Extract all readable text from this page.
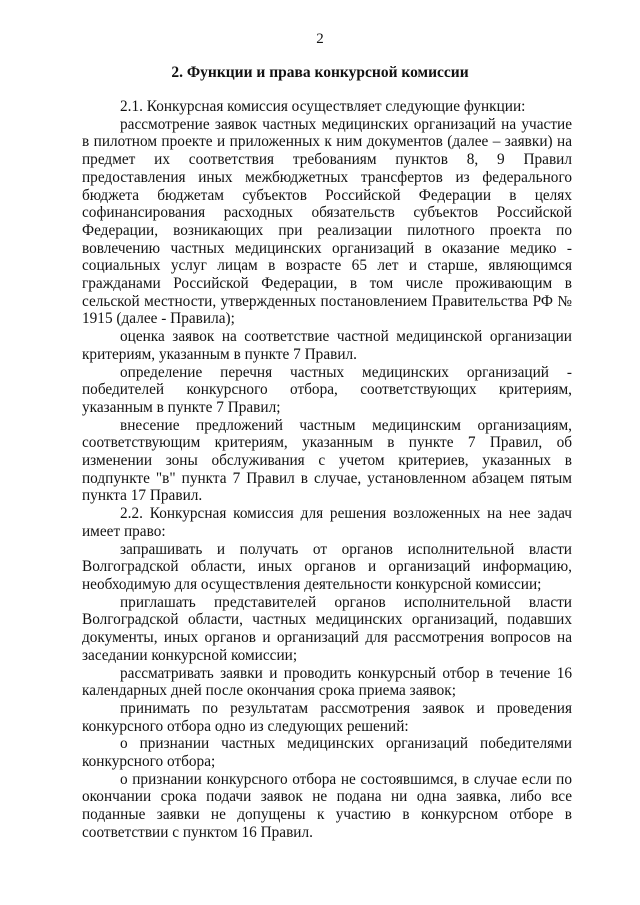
2
2. Функции и права конкурсной комиссии

2.1. Конкурсная комиссия осуществляет следующие функции:

рассмотрение заявок частных медицинских организаций на участие в пилотном проекте и приложенных к ним документов (далее – заявки) на предмет их соответствия требованиям пунктов 8, 9 Правил предоставления иных межбюджетных трансфертов из федерального бюджета бюджетам субъектов Российской Федерации в целях софинансирования расходных обязательств субъектов Российской Федерации, возникающих при реализации пилотного проекта по вовлечению частных медицинских организаций в оказание медико - социальных услуг лицам в возрасте 65 лет и старше, являющимся гражданами Российской Федерации, в том числе проживающим в сельской местности, утвержденных постановлением Правительства РФ № 1915 (далее - Правила);

оценка заявок на соответствие частной медицинской организации критериям, указанным в пункте 7 Правил.

определение перечня частных медицинских организаций - победителей конкурсного отбора, соответствующих критериям, указанным в пункте 7 Правил;

внесение предложений частным медицинским организациям, соответствующим критериям, указанным в пункте 7 Правил, об изменении зоны обслуживания с учетом критериев, указанных в подпункте "в" пункта 7 Правил в случае, установленном абзацем пятым пункта 17 Правил.

2.2. Конкурсная комиссия для решения возложенных на нее задач имеет право:

запрашивать и получать от органов исполнительной власти Волгоградской области, иных органов и организаций информацию, необходимую для осуществления деятельности конкурсной комиссии;

приглашать представителей органов исполнительной власти Волгоградской области, частных медицинских организаций, подавших документы, иных органов и организаций для рассмотрения вопросов на заседании конкурсной комиссии;

рассматривать заявки и проводить конкурсный отбор в течение 16 календарных дней после окончания срока приема заявок;

принимать по результатам рассмотрения заявок и проведения конкурсного отбора одно из следующих решений:

о признании частных медицинских организаций победителями конкурсного отбора;

о признании конкурсного отбора не состоявшимся, в случае если по окончании срока подачи заявок не подана ни одна заявка, либо все поданные заявки не допущены к участию в конкурсном отборе в соответствии с пунктом 16 Правил.
